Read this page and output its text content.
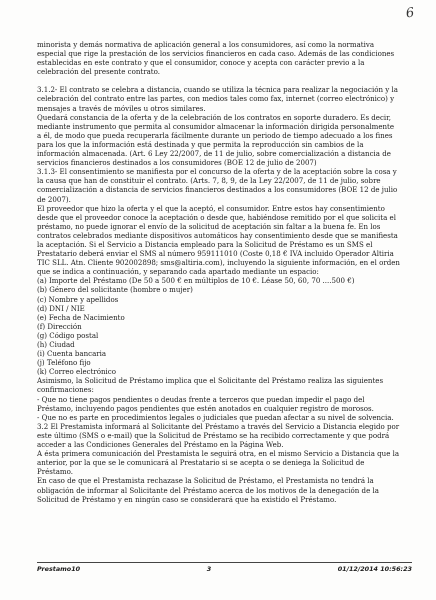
6
minorista y demás normativa de aplicación general a los consumidores, así como la normativa
especial que rige la prestación de los servicios financieros en cada caso. Además de las condiciones
establecidas en este contrato y que el consumidor, conoce y acepta con carácter previo a la
celebración del presente contrato.
3.1.2- El contrato se celebra a distancia, cuando se utiliza la técnica para realizar la negociación y la
celebración del contrato entre las partes, con medios tales como fax, internet (correo electrónico) y
mensajes a través de móviles u otros similares.
Quedará constancia de la oferta y de la celebración de los contratos en soporte duradero. Es decir,
mediante instrumento que permita al consumidor almacenar la información dirigida personalmente
a él, de modo que pueda recuperarla fácilmente durante un periodo de tiempo adecuado a los fines
para los que la información está destinada y que permita la reproducción sin cambios de la
información almacenada. (Art. 6 Ley 22/2007, de 11 de julio, sobre comercialización a distancia de
servicios financieros destinados a los consumidores (BOE 12 de julio de 2007)
3.1.3- El consentimiento se manifiesta por el concurso de la oferta y de la aceptación sobre la cosa y
la causa que han de constituir el contrato. (Arts. 7, 8, 9, de la Ley 22/2007, de 11 de julio, sobre
comercialización a distancia de servicios financieros destinados a los consumidores (BOE 12 de julio
de 2007).
El proveedor que hizo la oferta y el que la aceptó, el consumidor. Entre estos hay consentimiento
desde que el proveedor conoce la aceptación o desde que, habiéndose remitido por el que solicita el
préstamo, no puede ignorar el envío de la solicitud de aceptación sin faltar a la buena fe. En los
contratos celebrados mediante dispositivos automáticos hay consentimiento desde que se manifiesta
la aceptación. Si el Servicio a Distancia empleado para la Solicitud de Préstamo es un SMS el
Prestatario deberá enviar el SMS al número 959111010 (Coste 0,18 € IVA incluido Operador Altiria
TIC SLL. Atn. Cliente 902002898; sms@altiria.com), incluyendo la siguiente información, en el orden
que se indica a continuación, y separando cada apartado mediante un espacio:
(a) Importe del Préstamo (De 50 a 500 € en múltiplos de 10 €. Léase 50, 60, 70 ....500 €)
(b) Género del solicitante (hombre o mujer)
(c) Nombre y apellidos
(d) DNI / NIE
(e) Fecha de Nacimiento
(f) Dirección
(g) Código postal
(h) Ciudad
(i) Cuenta bancaria
(j) Teléfono fijo
(k) Correo electrónico
Asimismo, la Solicitud de Préstamo implica que el Solicitante del Préstamo realiza las siguientes
confirmaciones:
- Que no tiene pagos pendientes o deudas frente a terceros que puedan impedir el pago del
Préstamo, incluyendo pagos pendientes que estén anotados en cualquier registro de morosos.
- Que no es parte en procedimientos legales o judiciales que puedan afectar a su nivel de solvencia.
3.2 El Prestamista informará al Solicitante del Préstamo a través del Servicio a Distancia elegido por
este último (SMS o e-mail) que la Solicitud de Préstamo se ha recibido correctamente y que podrá
acceder a las Condiciones Generales del Préstamo en la Página Web.
A ésta primera comunicación del Prestamista le seguirá otra, en el mismo Servicio a Distancia que la
anterior, por la que se le comunicará al Prestatario si se acepta o se deniega la Solicitud de
Préstamo.
En caso de que el Prestamista rechazase la Solicitud de Préstamo, el Prestamista no tendrá la
obligación de informar al Solicitante del Préstamo acerca de los motivos de la denegación de la
Solicitud de Préstamo y en ningún caso se considerará que ha existido el Préstamo.
Prestamo10	3	01/12/2014 10:56:23
